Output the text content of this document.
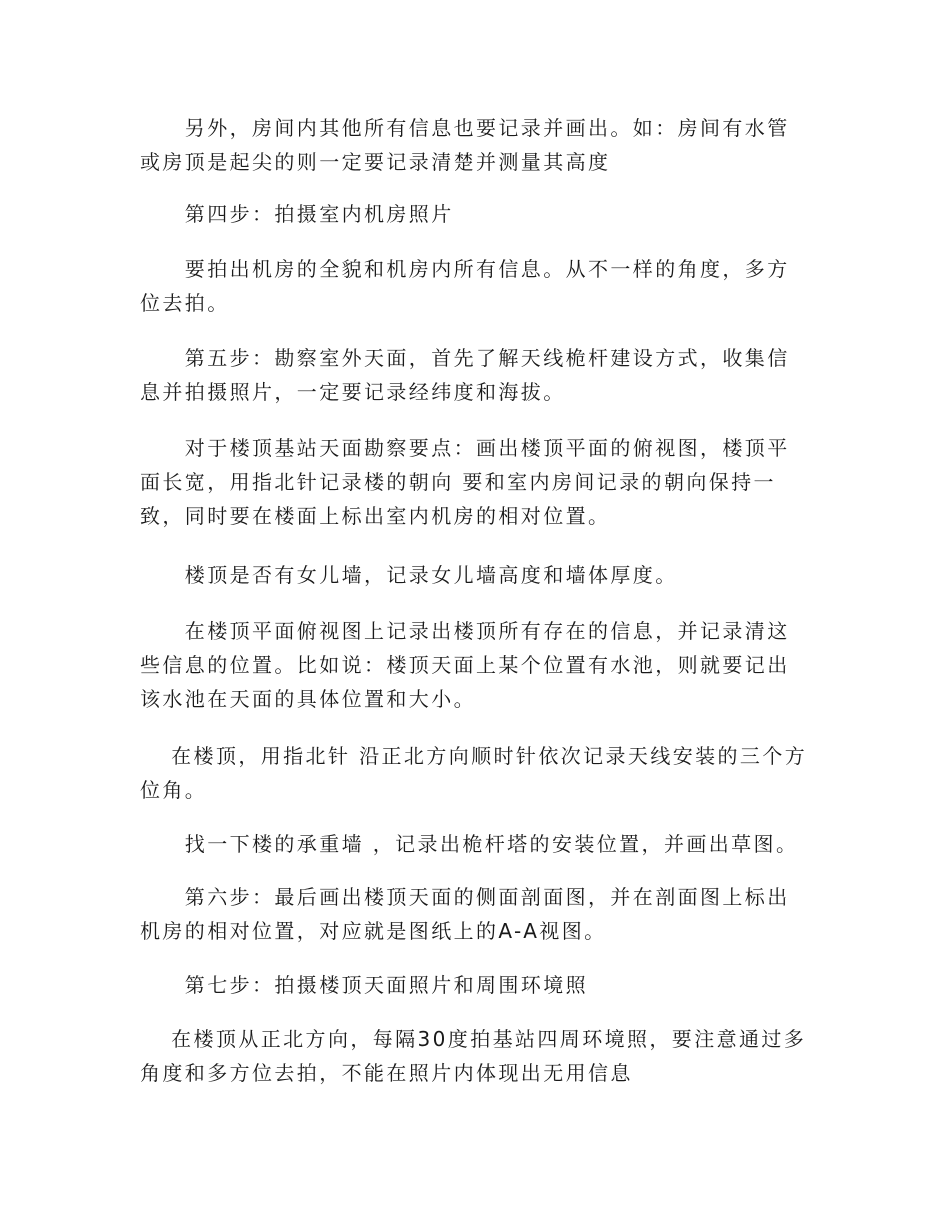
　　另外，房间内其他所有信息也要记录并画出。如：房间有水管或房顶是起尖的则一定要记录清楚并测量其高度

　　第四步：拍摄室内机房照片

　　要拍出机房的全貌和机房内所有信息。从不一样的角度，多方位去拍。

　　第五步：勘察室外天面，首先了解天线桅杆建设方式，收集信息并拍摄照片，一定要记录经纬度和海拔。

　　对于楼顶基站天面勘察要点：画出楼顶平面的俯视图，楼顶平面长宽，用指北针记录楼的朝向 要和室内房间记录的朝向保持一致，同时要在楼面上标出室内机房的相对位置。

　　楼顶是否有女儿墙，记录女儿墙高度和墙体厚度。

　　在楼顶平面俯视图上记录出楼顶所有存在的信息，并记录清这些信息的位置。比如说：楼顶天面上某个位置有水池，则就要记出该水池在天面的具体位置和大小。

　 在楼顶，用指北针 沿正北方向顺时针依次记录天线安装的三个方位角。

　　找一下楼的承重墙 ，记录出桅杆塔的安装位置，并画出草图。

　　第六步：最后画出楼顶天面的侧面剖面图，并在剖面图上标出机房的相对位置，对应就是图纸上的A-A视图。

　　第七步：拍摄楼顶天面照片和周围环境照

　 在楼顶从正北方向，每隔30度拍基站四周环境照，要注意通过多角度和多方位去拍，不能在照片内体现出无用信息
